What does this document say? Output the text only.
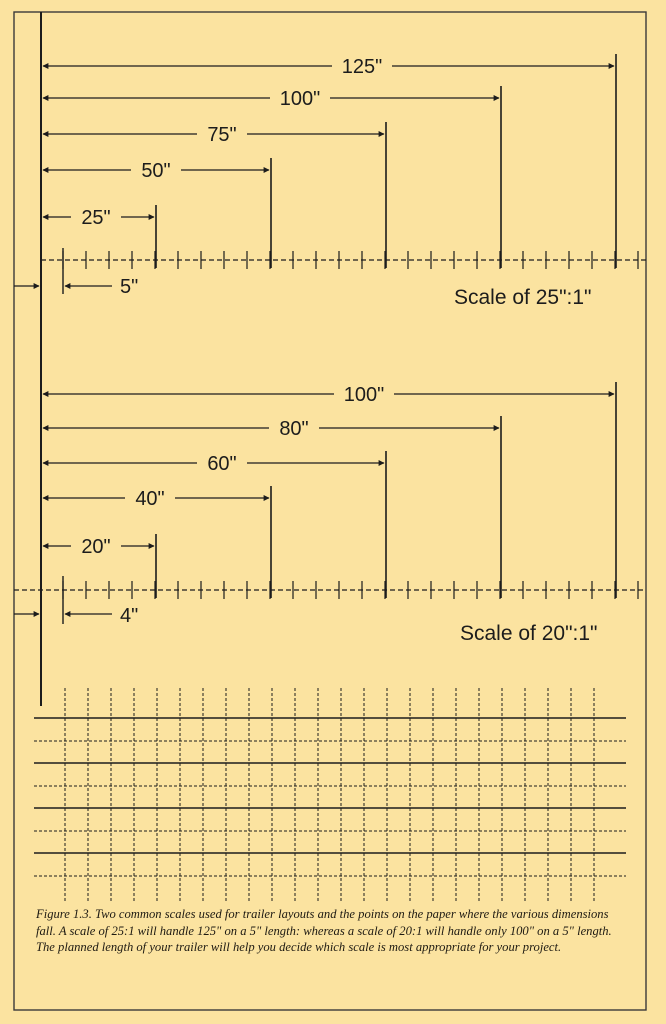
25"
50"
75"
100"
125"
5"	Scale of 25":1"
20"
40"
60"
80"
100"
4"
Scale of 20":1"
Figure 1.3. Two common scales used for trailer layouts and the points on the paper where the various dimensions fall. A scale of 25:1 will handle 125" on a 5" length: whereas a scale of 20:1 will handle only 100" on a 5" length. The planned length of your trailer will help you decide which scale is most appropriate for your project.
